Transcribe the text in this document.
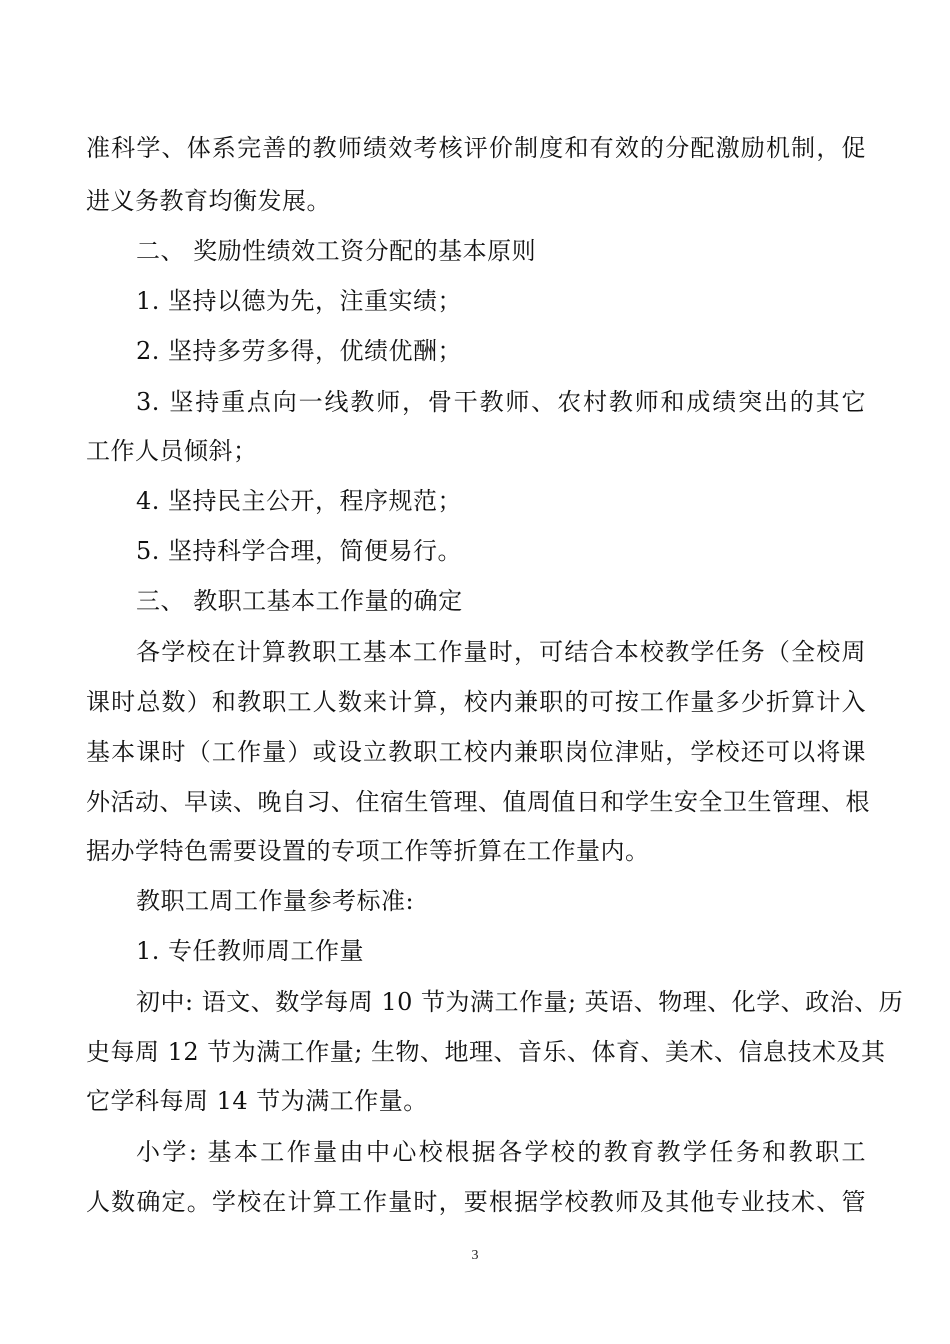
准科学、体系完善的教师绩效考核评价制度和有效的分配激励机制，促
进义务教育均衡发展。
二、 奖励性绩效工资分配的基本原则
1. 坚持以德为先，注重实绩；
2. 坚持多劳多得，优绩优酬；
3. 坚持重点向一线教师，骨干教师、农村教师和成绩突出的其它
工作人员倾斜；
4. 坚持民主公开，程序规范；
5. 坚持科学合理，简便易行。
三、 教职工基本工作量的确定
各学校在计算教职工基本工作量时，可结合本校教学任务（全校周
课时总数）和教职工人数来计算，校内兼职的可按工作量多少折算计入
基本课时（工作量）或设立教职工校内兼职岗位津贴，学校还可以将课
外活动、早读、晚自习、住宿生管理、值周值日和学生安全卫生管理、根
据办学特色需要设置的专项工作等折算在工作量内。
教职工周工作量参考标准:
1. 专任教师周工作量
初中: 语文、数学每周 10 节为满工作量; 英语、物理、化学、政治、历
史每周 12 节为满工作量; 生物、地理、音乐、体育、美术、信息技术及其
它学科每周 14 节为满工作量。
小学: 基本工作量由中心校根据各学校的教育教学任务和教职工
人数确定。学校在计算工作量时，要根据学校教师及其他专业技术、管
3
